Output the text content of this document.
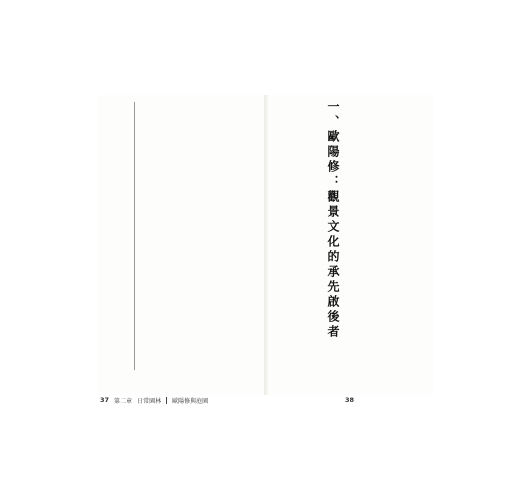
一、歐陽修：觀景文化的承先啟後者
38
37 第二章 日常園林 歐陽修與庭園
